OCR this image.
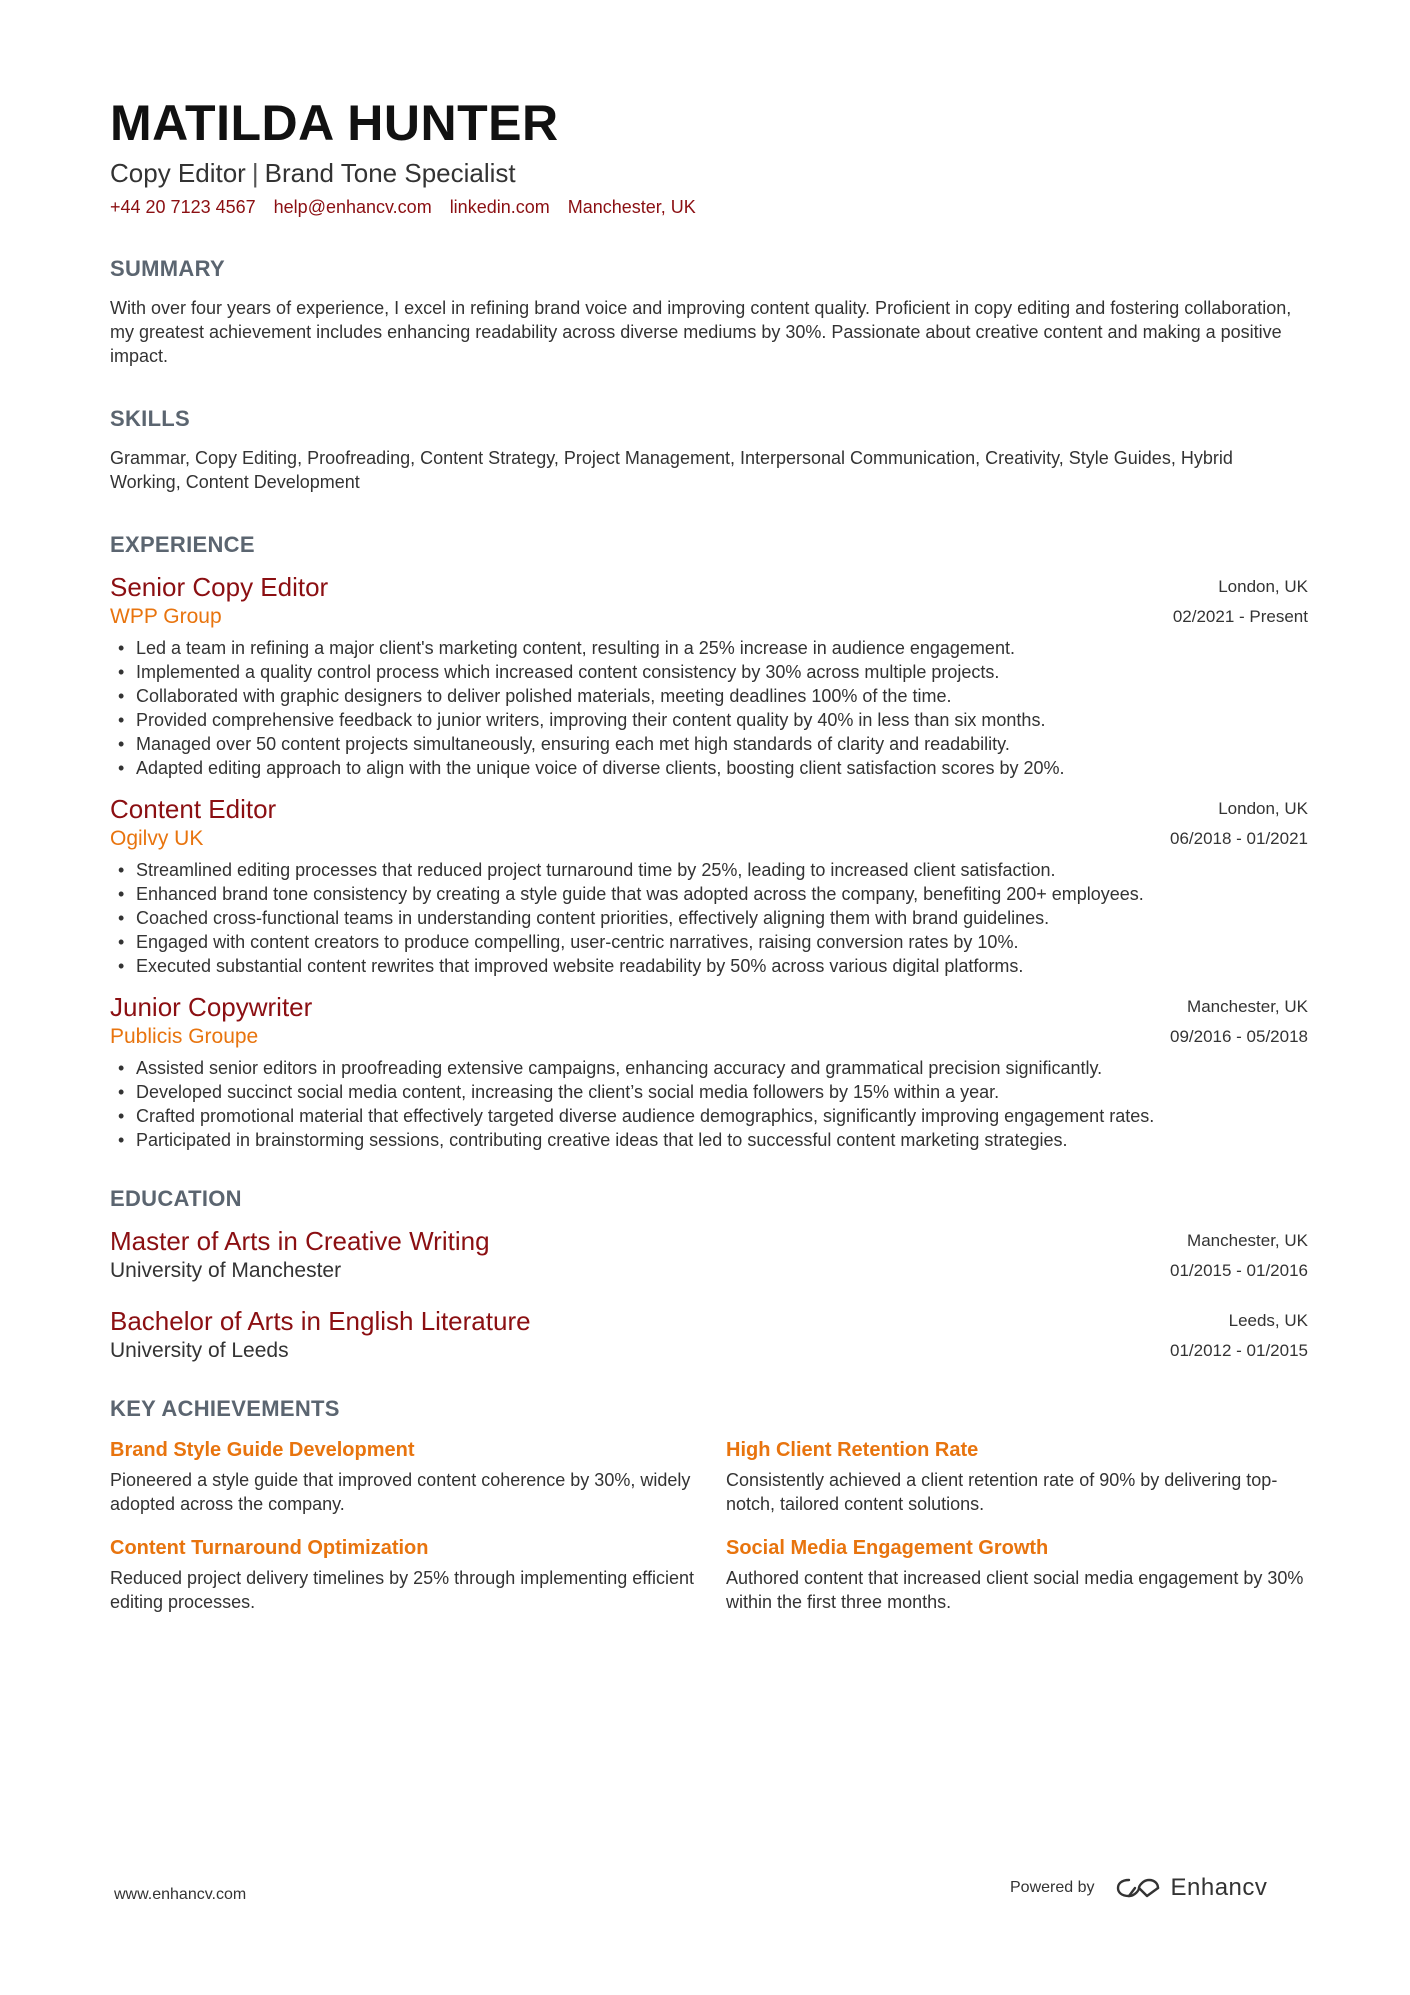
MATILDA HUNTER
Copy Editor | Brand Tone Specialist
+44 20 7123 4567 help@enhancv.com linkedin.com Manchester, UK
SUMMARY
With over four years of experience, I excel in refining brand voice and improving content quality. Proficient in copy editing and fostering collaboration, my greatest achievement includes enhancing readability across diverse mediums by 30%. Passionate about creative content and making a positive impact.
SKILLS
Grammar, Copy Editing, Proofreading, Content Strategy, Project Management, Interpersonal Communication, Creativity, Style Guides, Hybrid Working, Content Development
EXPERIENCE
Senior Copy Editor
WPP Group
London, UK
02/2021 - Present
• Led a team in refining a major client's marketing content, resulting in a 25% increase in audience engagement.
• Implemented a quality control process which increased content consistency by 30% across multiple projects.
• Collaborated with graphic designers to deliver polished materials, meeting deadlines 100% of the time.
• Provided comprehensive feedback to junior writers, improving their content quality by 40% in less than six months.
• Managed over 50 content projects simultaneously, ensuring each met high standards of clarity and readability.
• Adapted editing approach to align with the unique voice of diverse clients, boosting client satisfaction scores by 20%.
Content Editor
Ogilvy UK
London, UK
06/2018 - 01/2021
• Streamlined editing processes that reduced project turnaround time by 25%, leading to increased client satisfaction.
• Enhanced brand tone consistency by creating a style guide that was adopted across the company, benefiting 200+ employees.
• Coached cross-functional teams in understanding content priorities, effectively aligning them with brand guidelines.
• Engaged with content creators to produce compelling, user-centric narratives, raising conversion rates by 10%.
• Executed substantial content rewrites that improved website readability by 50% across various digital platforms.
Junior Copywriter
Publicis Groupe
Manchester, UK
09/2016 - 05/2018
• Assisted senior editors in proofreading extensive campaigns, enhancing accuracy and grammatical precision significantly.
• Developed succinct social media content, increasing the client’s social media followers by 15% within a year.
• Crafted promotional material that effectively targeted diverse audience demographics, significantly improving engagement rates.
• Participated in brainstorming sessions, contributing creative ideas that led to successful content marketing strategies.
EDUCATION
Master of Arts in Creative Writing
University of Manchester
Manchester, UK
01/2015 - 01/2016
Bachelor of Arts in English Literature
University of Leeds
Leeds, UK
01/2012 - 01/2015
KEY ACHIEVEMENTS
Brand Style Guide Development
Pioneered a style guide that improved content coherence by 30%, widely adopted across the company.
High Client Retention Rate
Consistently achieved a client retention rate of 90% by delivering top-notch, tailored content solutions.
Content Turnaround Optimization
Reduced project delivery timelines by 25% through implementing efficient editing processes.
Social Media Engagement Growth
Authored content that increased client social media engagement by 30% within the first three months.
www.enhancv.com	Powered by	Enhancv
